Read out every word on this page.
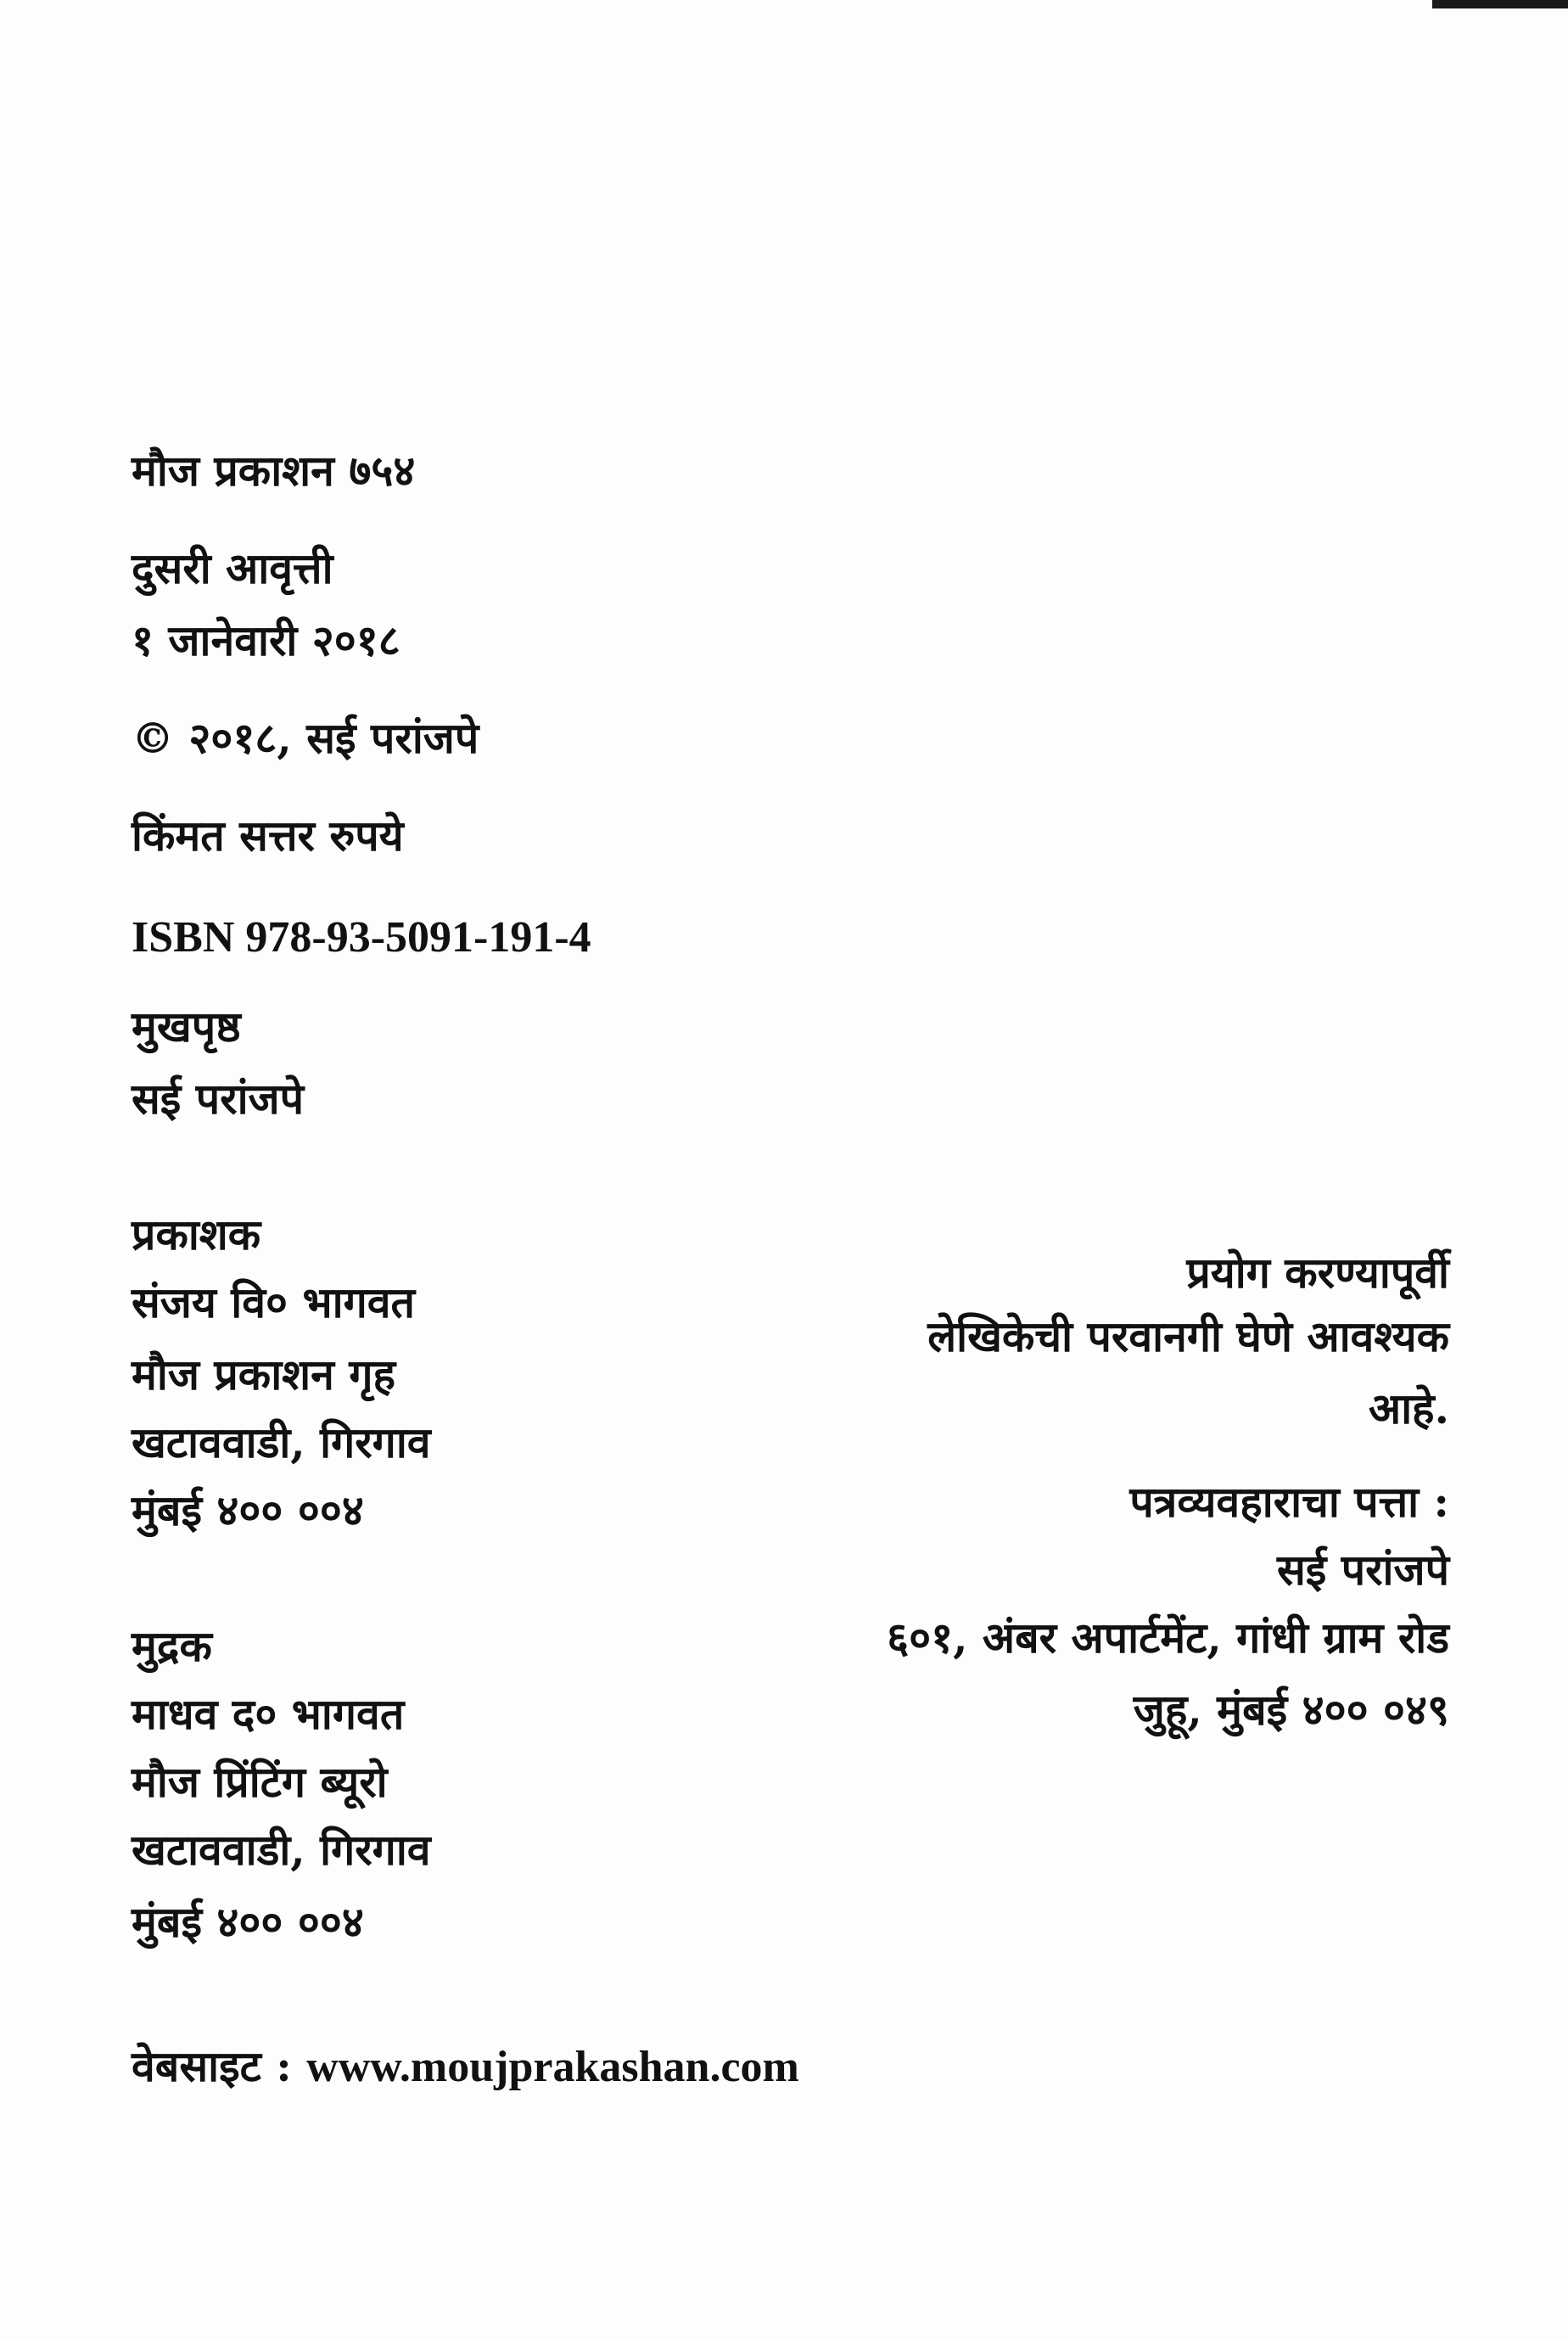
मौज प्रकाशन ७५४
दुसरी आवृत्ती
१ जानेवारी २०१८
© २०१८, सई परांजपे
किंमत सत्तर रुपये
ISBN 978-93-5091-191-4
मुखपृष्ठ
सई परांजपे
प्रकाशक
संजय वि० भागवत
मौज प्रकाशन गृह
खटाववाडी, गिरगाव
मुंबई ४०० ००४
मुद्रक
माधव द० भागवत
मौज प्रिंटिंग ब्यूरो
खटाववाडी, गिरगाव
मुंबई ४०० ००४
वेबसाइट : www.moujprakashan.com
प्रयोग करण्यापूर्वी
लेखिकेची परवानगी घेणे आवश्यक
आहे.
पत्रव्यवहाराचा पत्ता :
सई परांजपे
६०१, अंबर अपार्टमेंट, गांधी ग्राम रोड
जुहू, मुंबई ४०० ०४९
